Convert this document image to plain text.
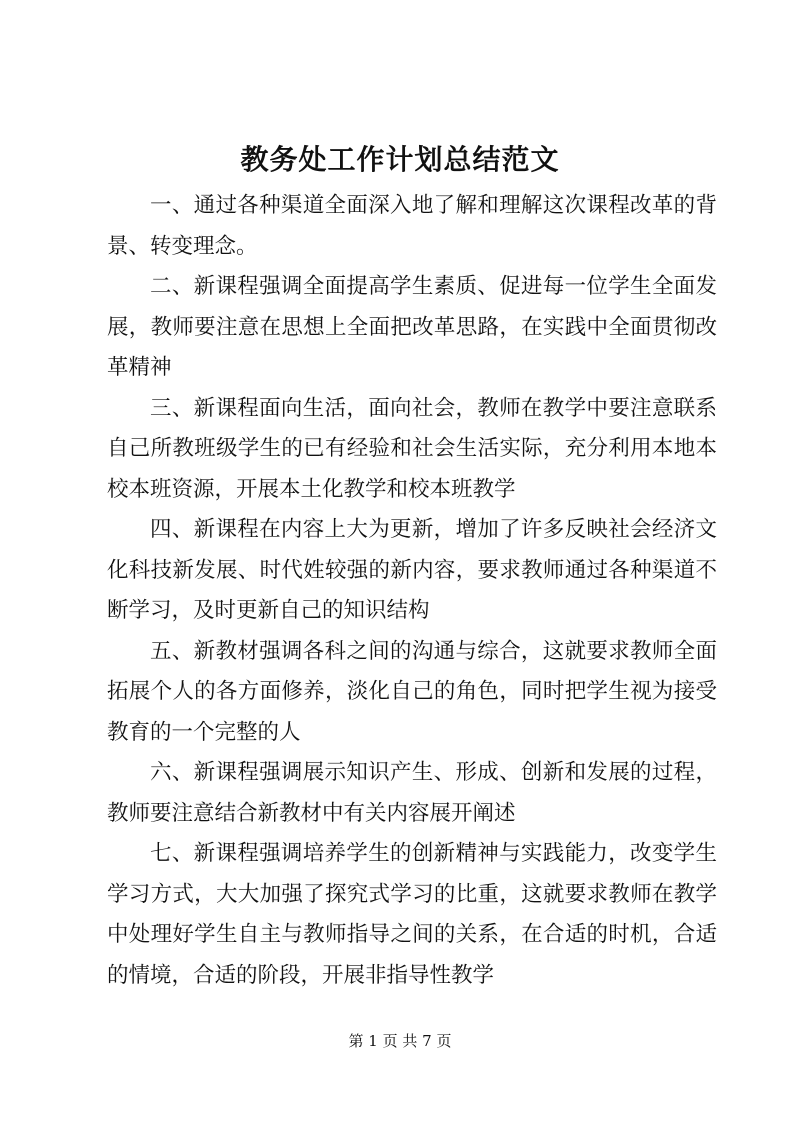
教务处工作计划总结范文

一、通过各种渠道全面深入地了解和理解这次课程改革的背景、转变理念。

二、新课程强调全面提高学生素质、促进每一位学生全面发展，教师要注意在思想上全面把改革思路，在实践中全面贯彻改革精神

三、新课程面向生活，面向社会，教师在教学中要注意联系自己所教班级学生的已有经验和社会生活实际，充分利用本地本校本班资源，开展本土化教学和校本班教学

四、新课程在内容上大为更新，增加了许多反映社会经济文化科技新发展、时代姓较强的新内容，要求教师通过各种渠道不断学习，及时更新自己的知识结构

五、新教材强调各科之间的沟通与综合，这就要求教师全面拓展个人的各方面修养，淡化自己的角色，同时把学生视为接受教育的一个完整的人

六、新课程强调展示知识产生、形成、创新和发展的过程，教师要注意结合新教材中有关内容展开阐述

七、新课程强调培养学生的创新精神与实践能力，改变学生学习方式，大大加强了探究式学习的比重，这就要求教师在教学中处理好学生自主与教师指导之间的关系，在合适的时机，合适的情境，合适的阶段，开展非指导性教学

第 1 页 共 7 页
